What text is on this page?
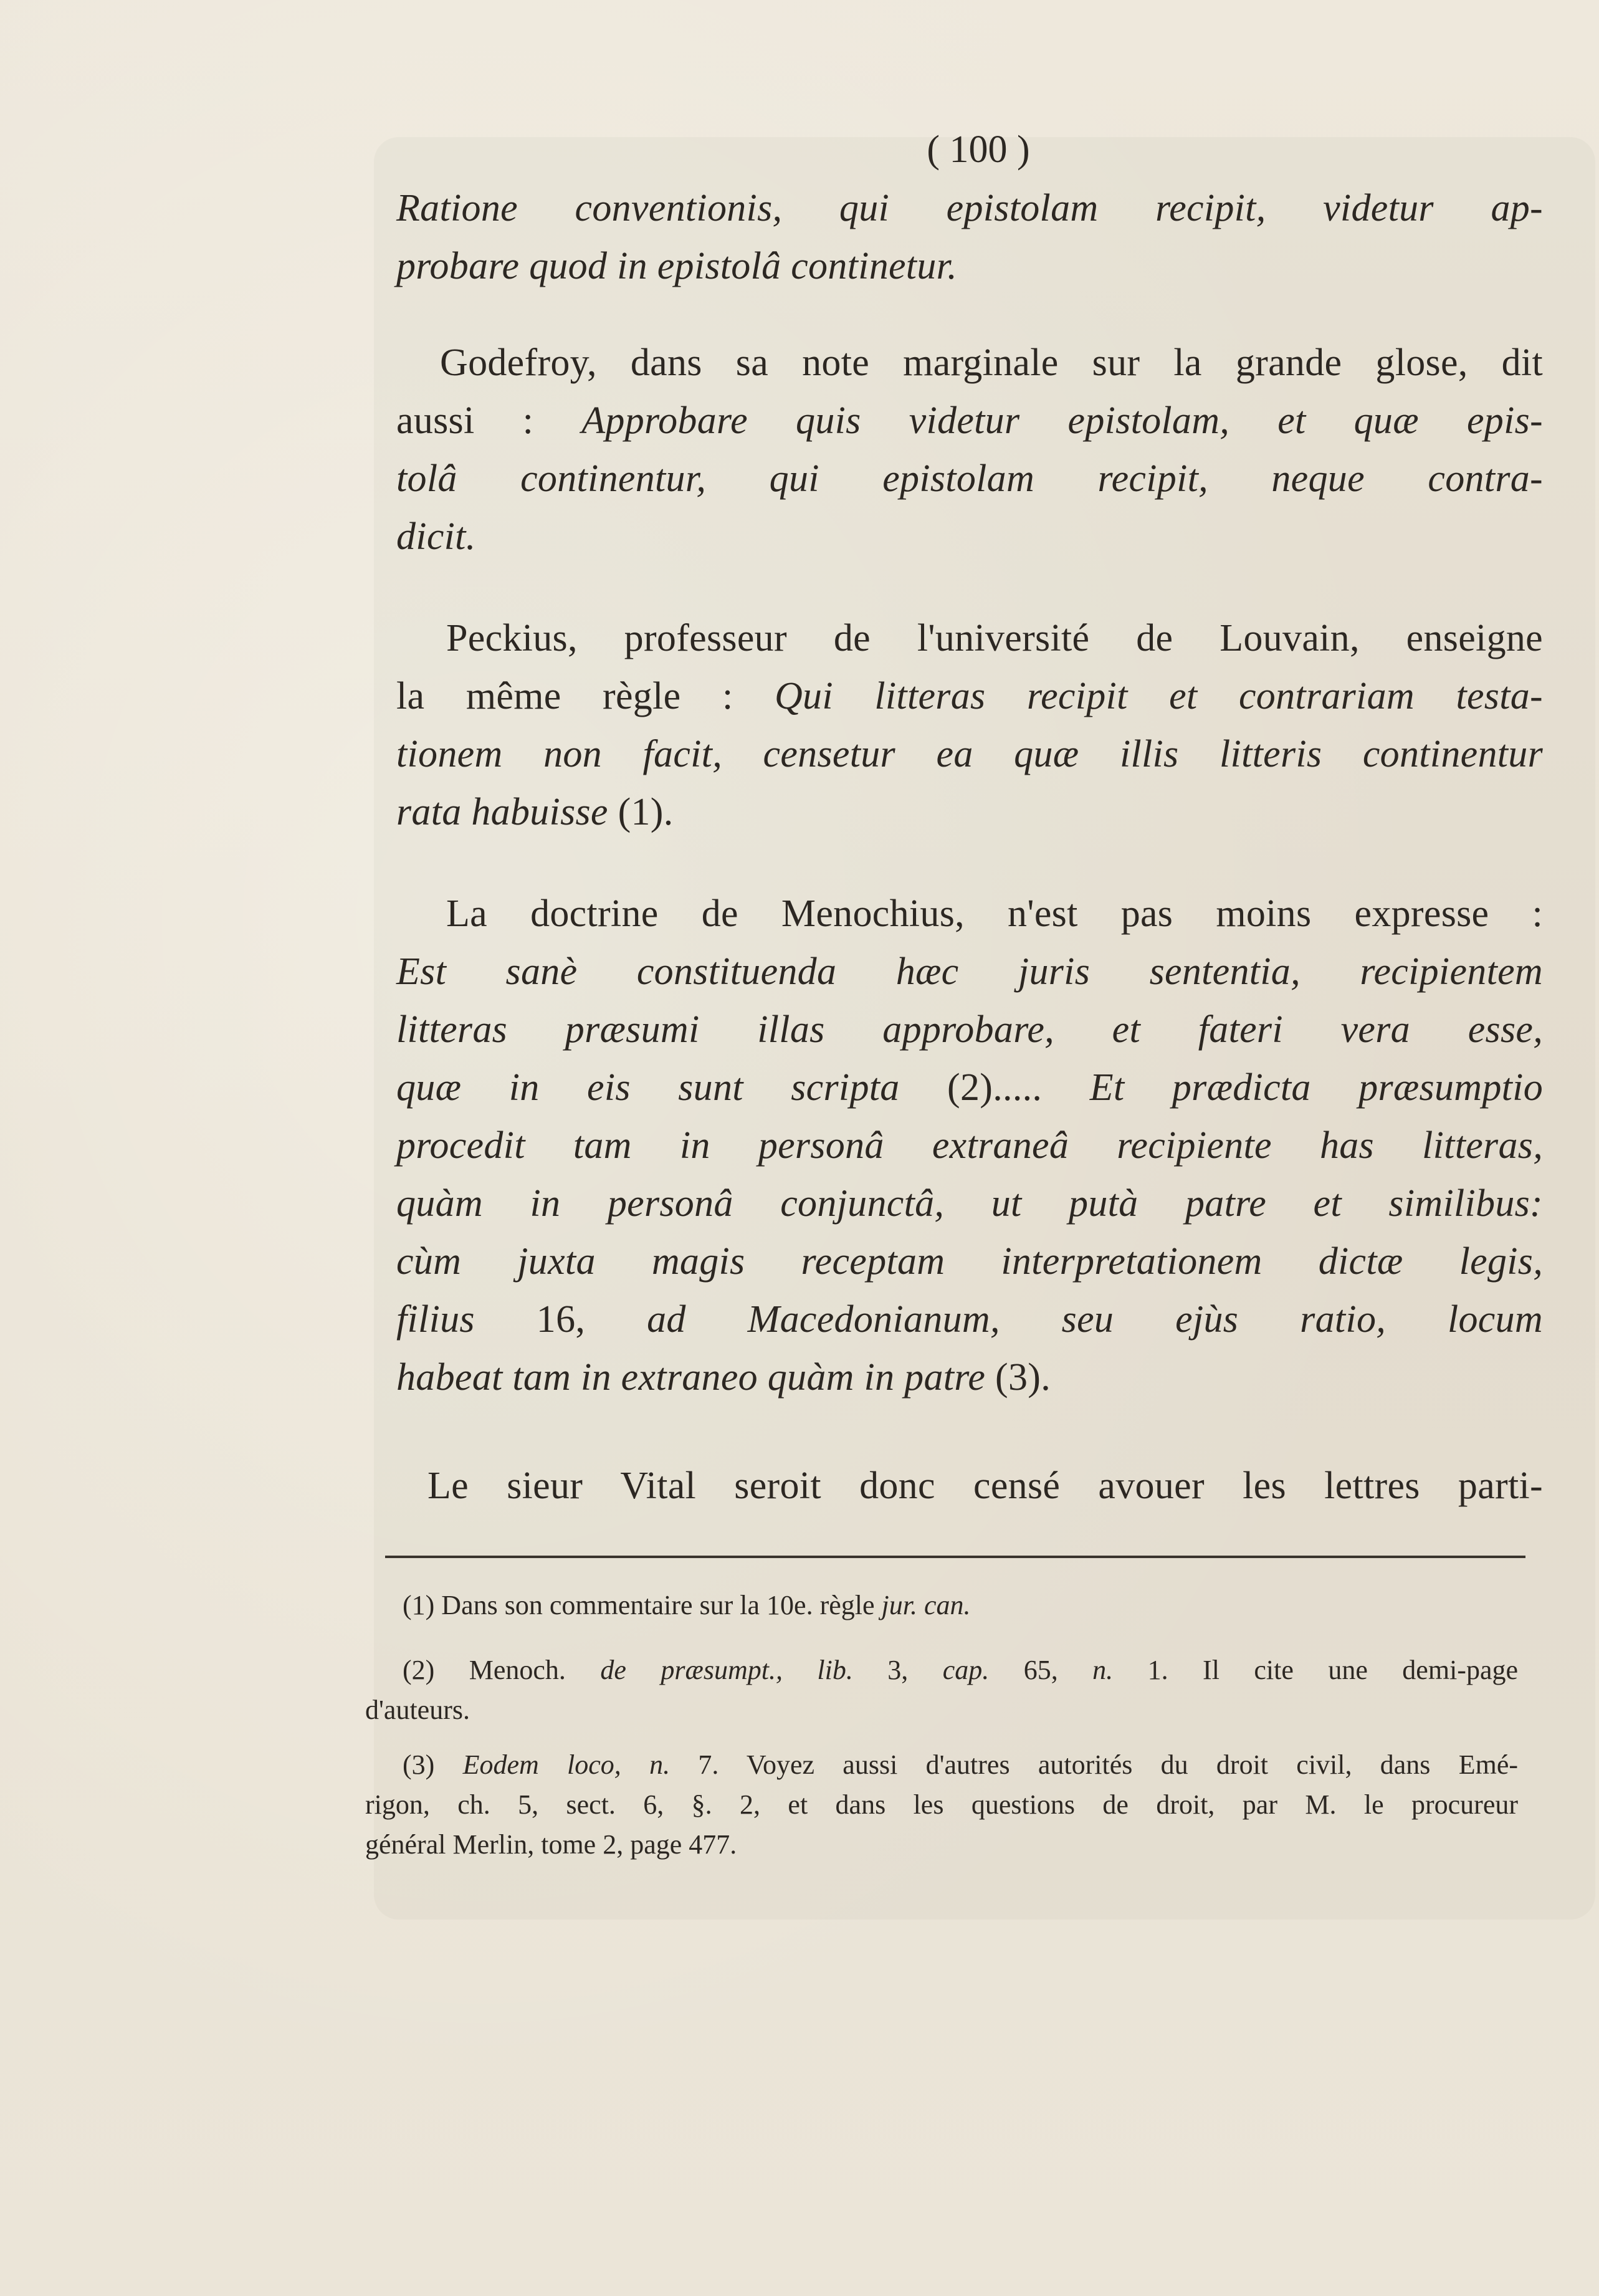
( 100 )
Ratione conventionis, qui epistolam recipit, videtur ap-
probare quod in epistolâ continetur.
Godefroy, dans sa note marginale sur la grande glose, dit
aussi : Approbare quis videtur epistolam, et quæ epis-
tolâ continentur, qui epistolam recipit, neque contra-
dicit.
Peckius, professeur de l'université de Louvain, enseigne
la même règle : Qui litteras recipit et contrariam testa-
tionem non facit, censetur ea quæ illis litteris continentur
rata habuisse (1).
La doctrine de Menochius, n'est pas moins expresse :
Est sanè constituenda hæc juris sententia, recipientem
litteras præsumi illas approbare, et fateri vera esse,
quæ in eis sunt scripta (2)..... Et prædicta præsumptio
procedit tam in personâ extraneâ recipiente has litteras,
quàm in personâ conjunctâ, ut putà patre et similibus:
cùm juxta magis receptam interpretationem dictæ legis,
filius 16, ad Macedonianum, seu ejùs ratio, locum
habeat tam in extraneo quàm in patre (3).
Le sieur Vital seroit donc censé avouer les lettres parti-
(1) Dans son commentaire sur la 10e. règle jur. can.
(2) Menoch. de præsumpt., lib. 3, cap. 65, n. 1. Il cite une demi-page
d'auteurs.
(3) Eodem loco, n. 7. Voyez aussi d'autres autorités du droit civil, dans Emé-
rigon, ch. 5, sect. 6, §. 2, et dans les questions de droit, par M. le procureur
général Merlin, tome 2, page 477.
